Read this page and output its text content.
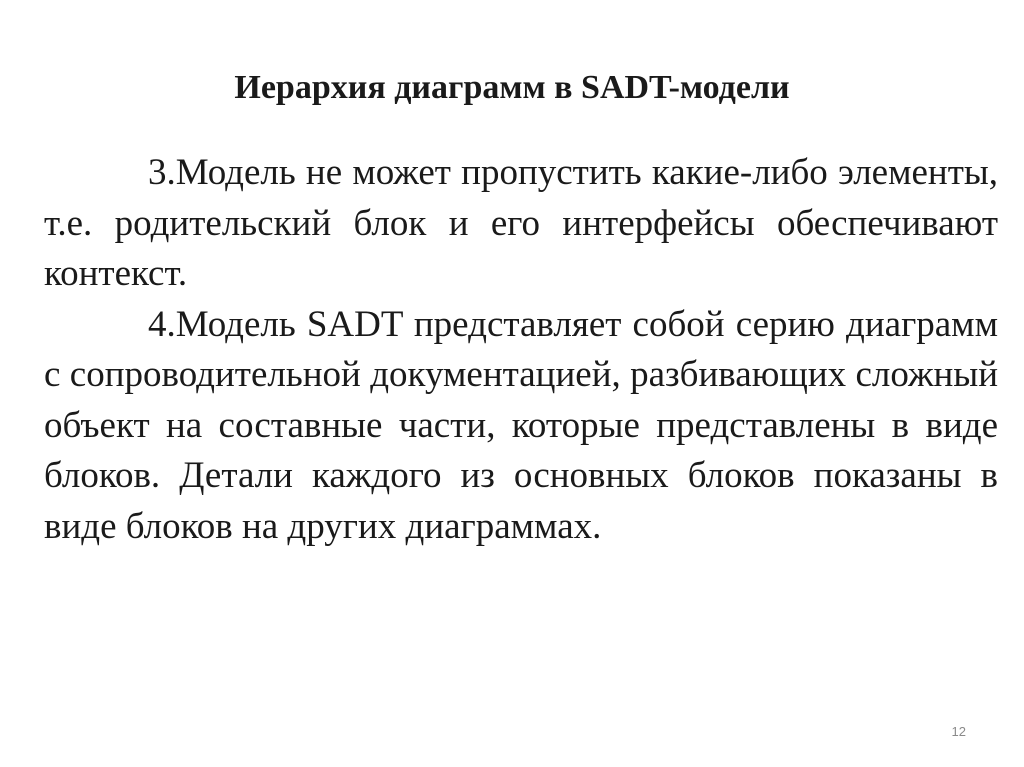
Иерархия диаграмм в SADT-модели

3.Модель не может пропустить какие-либо элементы, т.е. родительский блок и его интерфейсы обеспечивают контекст.

4.Модель SADT представляет собой серию диаграмм с сопроводительной документацией, разбивающих сложный объект на составные части, которые представлены в виде блоков. Детали каждого из основных блоков показаны в виде блоков на других диаграммах.

12
